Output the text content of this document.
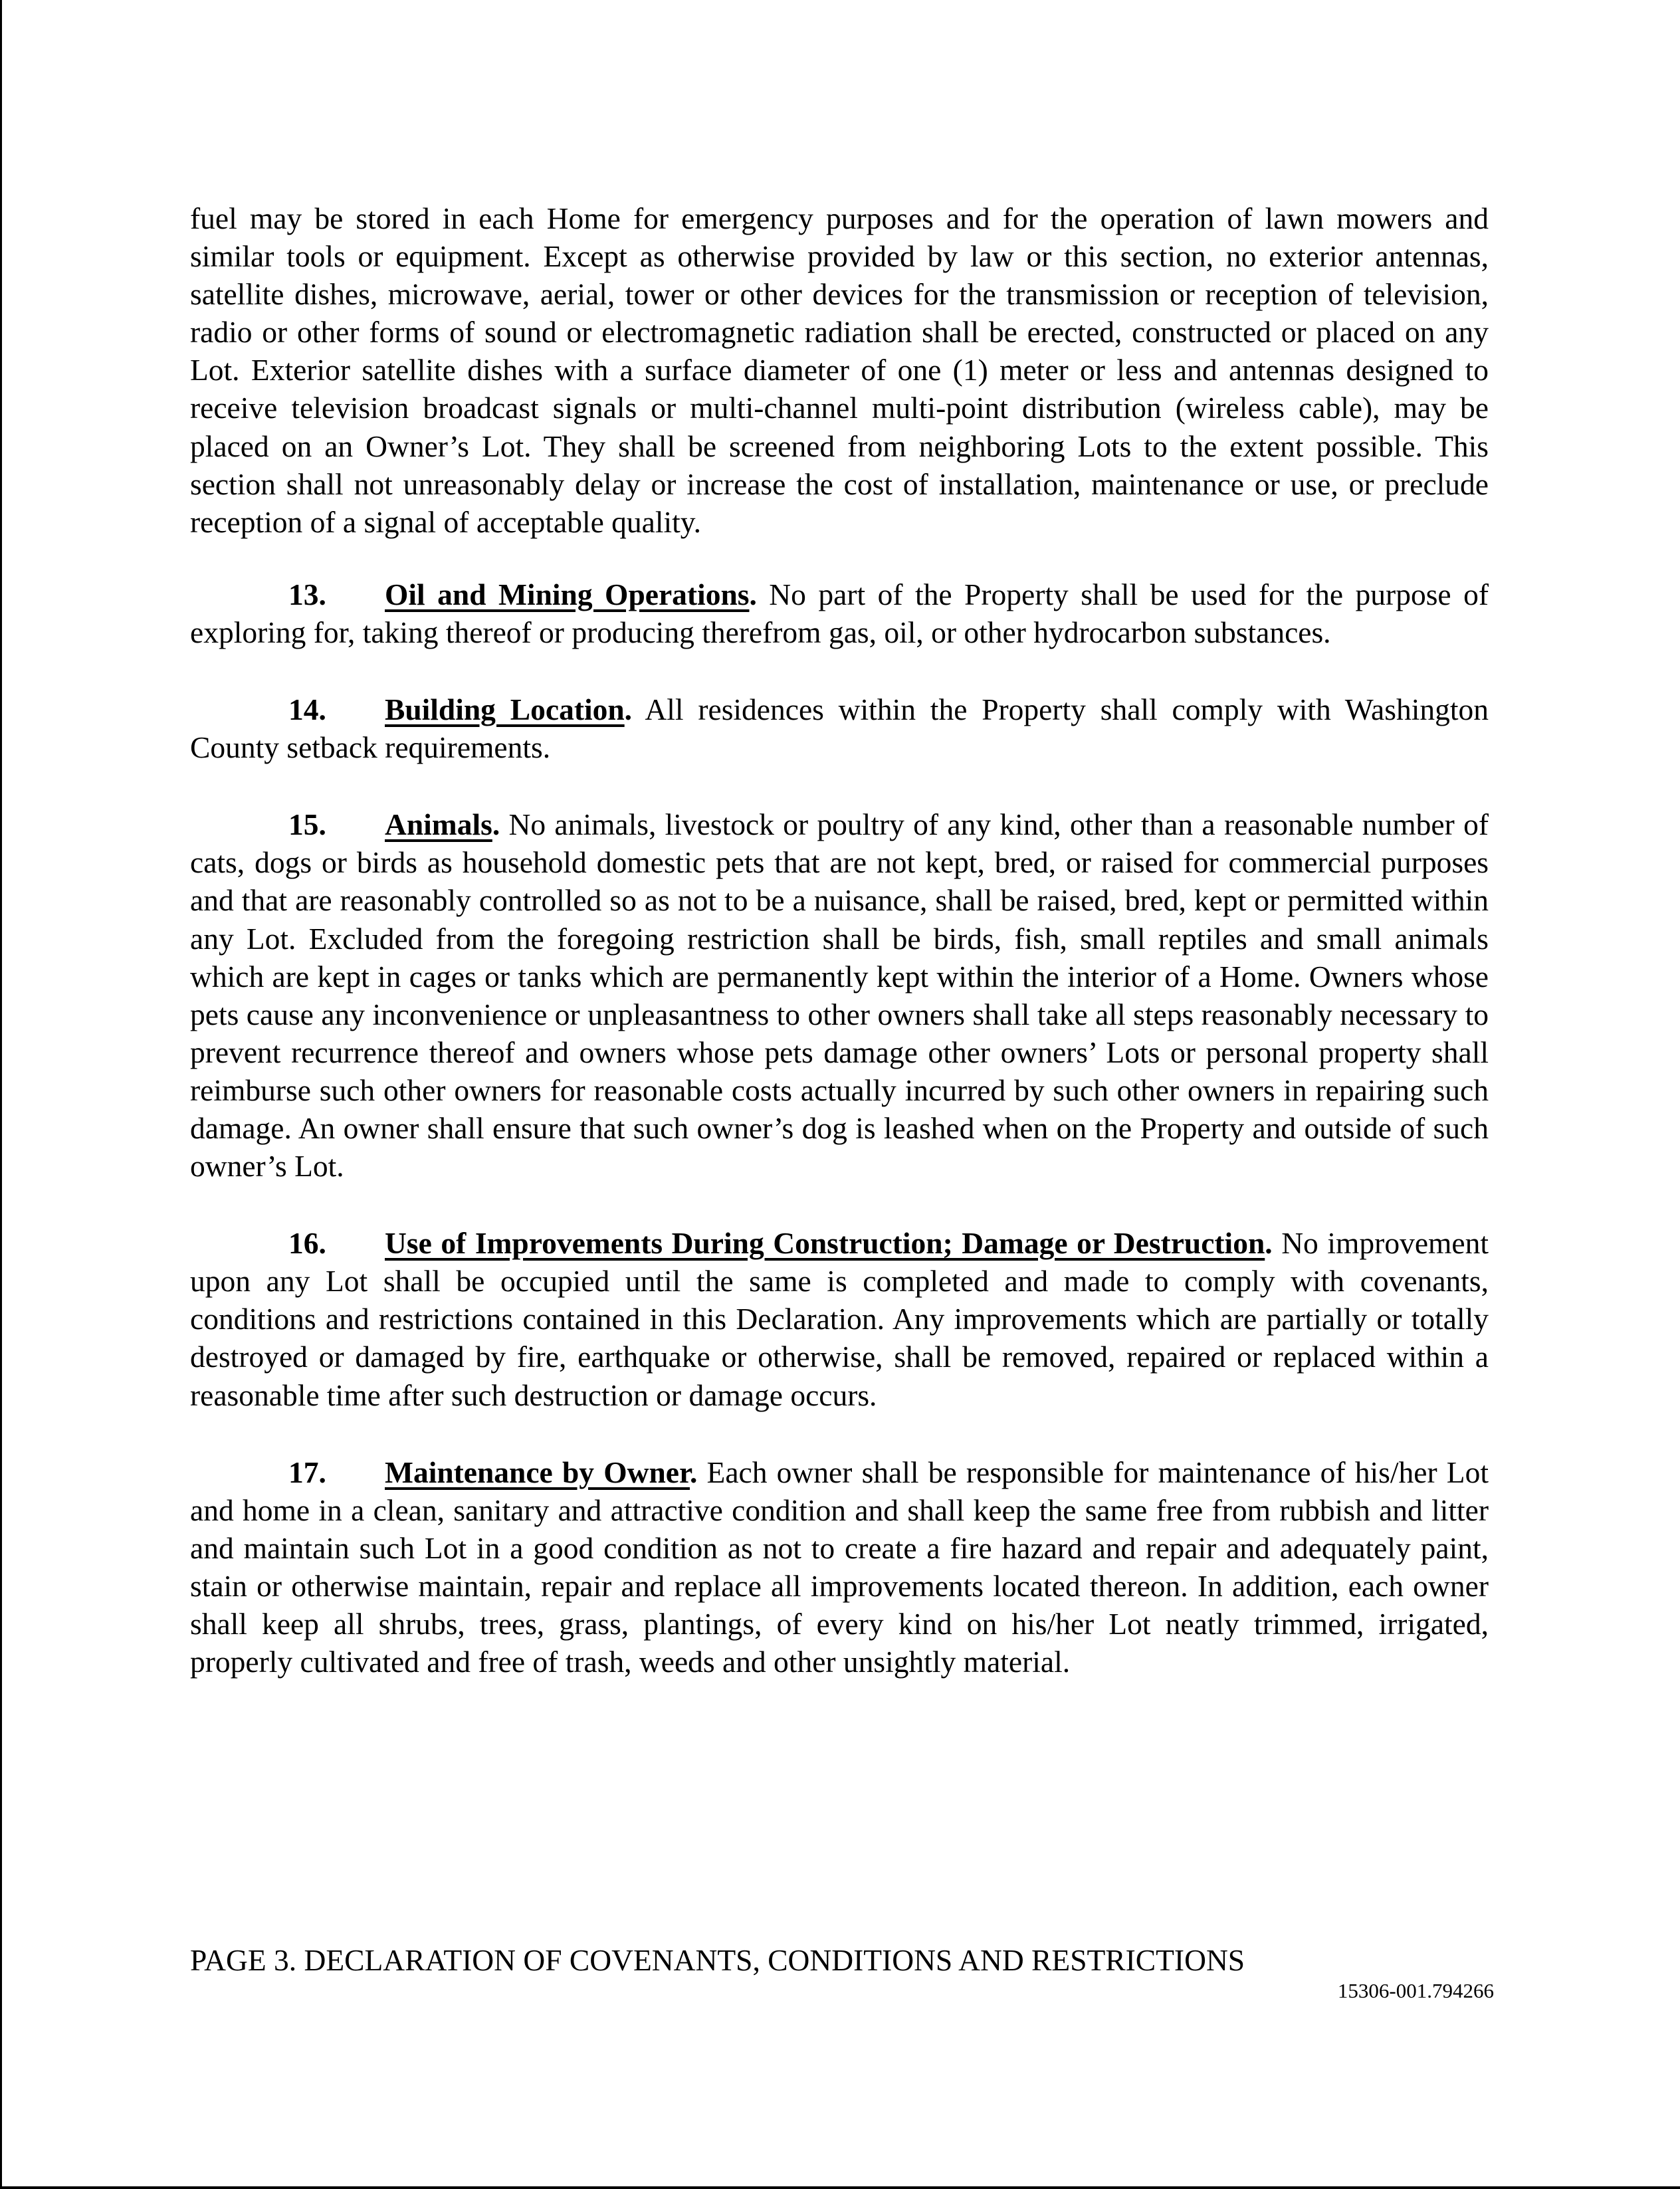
fuel may be stored in each Home for emergency purposes and for the operation of lawn mowers and similar tools or equipment. Except as otherwise provided by law or this section, no exterior antennas, satellite dishes, microwave, aerial, tower or other devices for the transmission or reception of television, radio or other forms of sound or electromagnetic radiation shall be erected, constructed or placed on any Lot. Exterior satellite dishes with a surface diameter of one (1) meter or less and antennas designed to receive television broadcast signals or multi-channel multi-point distribution (wireless cable), may be placed on an Owner’s Lot. They shall be screened from neighboring Lots to the extent possible. This section shall not unreasonably delay or increase the cost of installation, maintenance or use, or preclude reception of a signal of acceptable quality.

13. Oil and Mining Operations. No part of the Property shall be used for the purpose of exploring for, taking thereof or producing therefrom gas, oil, or other hydrocarbon substances.

14. Building Location. All residences within the Property shall comply with Washington County setback requirements.

15. Animals. No animals, livestock or poultry of any kind, other than a reasonable number of cats, dogs or birds as household domestic pets that are not kept, bred, or raised for commercial purposes and that are reasonably controlled so as not to be a nuisance, shall be raised, bred, kept or permitted within any Lot. Excluded from the foregoing restriction shall be birds, fish, small reptiles and small animals which are kept in cages or tanks which are permanently kept within the interior of a Home. Owners whose pets cause any inconvenience or unpleasantness to other owners shall take all steps reasonably necessary to prevent recurrence thereof and owners whose pets damage other owners’ Lots or personal property shall reimburse such other owners for reasonable costs actually incurred by such other owners in repairing such damage. An owner shall ensure that such owner’s dog is leashed when on the Property and outside of such owner’s Lot.

16. Use of Improvements During Construction; Damage or Destruction. No improvement upon any Lot shall be occupied until the same is completed and made to comply with covenants, conditions and restrictions contained in this Declaration. Any improvements which are partially or totally destroyed or damaged by fire, earthquake or otherwise, shall be removed, repaired or replaced within a reasonable time after such destruction or damage occurs.

17. Maintenance by Owner. Each owner shall be responsible for maintenance of his/her Lot and home in a clean, sanitary and attractive condition and shall keep the same free from rubbish and litter and maintain such Lot in a good condition as not to create a fire hazard and repair and adequately paint, stain or otherwise maintain, repair and replace all improvements located thereon. In addition, each owner shall keep all shrubs, trees, grass, plantings, of every kind on his/her Lot neatly trimmed, irrigated, properly cultivated and free of trash, weeds and other unsightly material.

PAGE 3. DECLARATION OF COVENANTS, CONDITIONS AND RESTRICTIONS
15306-001.794266
